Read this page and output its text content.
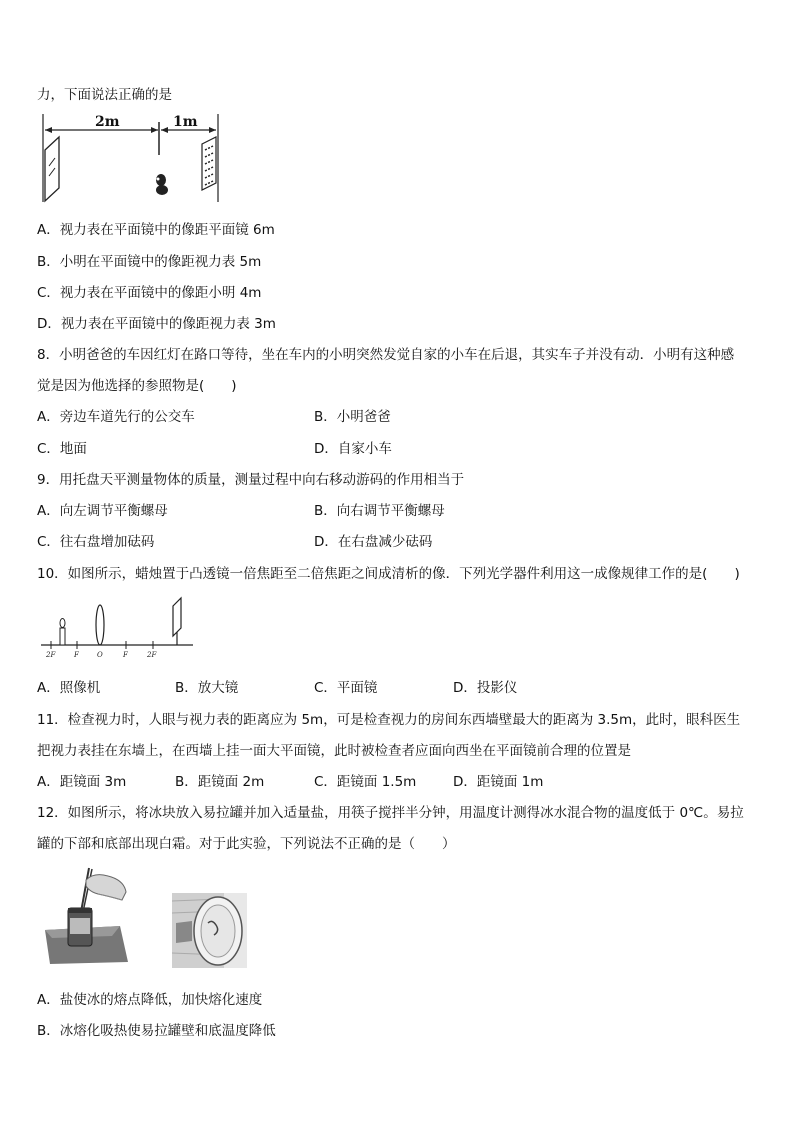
力，下面说法正确的是
2m	1m
A．视力表在平面镜中的像距平面镜 6m
B．小明在平面镜中的像距视力表 5m
C．视力表在平面镜中的像距小明 4m
D．视力表在平面镜中的像距视力表 3m
8．小明爸爸的车因红灯在路口等待，坐在车内的小明突然发觉自家的小车在后退，其实车子并没有动．小明有这种感
觉是因为他选择的参照物是(　　)
A．旁边车道先行的公交车	B．小明爸爸
C．地面	D．自家小车
9．用托盘天平测量物体的质量，测量过程中向右移动游码的作用相当于
A．向左调节平衡螺母	B．向右调节平衡螺母
C．往右盘增加砝码	D．在右盘减少砝码
10．如图所示，蜡烛置于凸透镜一倍焦距至二倍焦距之间成清析的像．下列光学器件利用这一成像规律工作的是(　　)
2F	F	O	F	2F
A．照像机	B．放大镜	C．平面镜	D．投影仪
11．检查视力时，人眼与视力表的距离应为 5m，可是检查视力的房间东西墙壁最大的距离为 3.5m，此时，眼科医生
把视力表挂在东墙上，在西墙上挂一面大平面镜，此时被检查者应面向西坐在平面镜前合理的位置是
A．距镜面 3m	B．距镜面 2m	C．距镜面 1.5m	D．距镜面 1m
12．如图所示，将冰块放入易拉罐并加入适量盐，用筷子搅拌半分钟，用温度计测得冰水混合物的温度低于 0℃。易拉
罐的下部和底部出现白霜。对于此实验，下列说法不正确的是（　　）
A．盐使冰的熔点降低，加快熔化速度
B．冰熔化吸热使易拉罐壁和底温度降低
